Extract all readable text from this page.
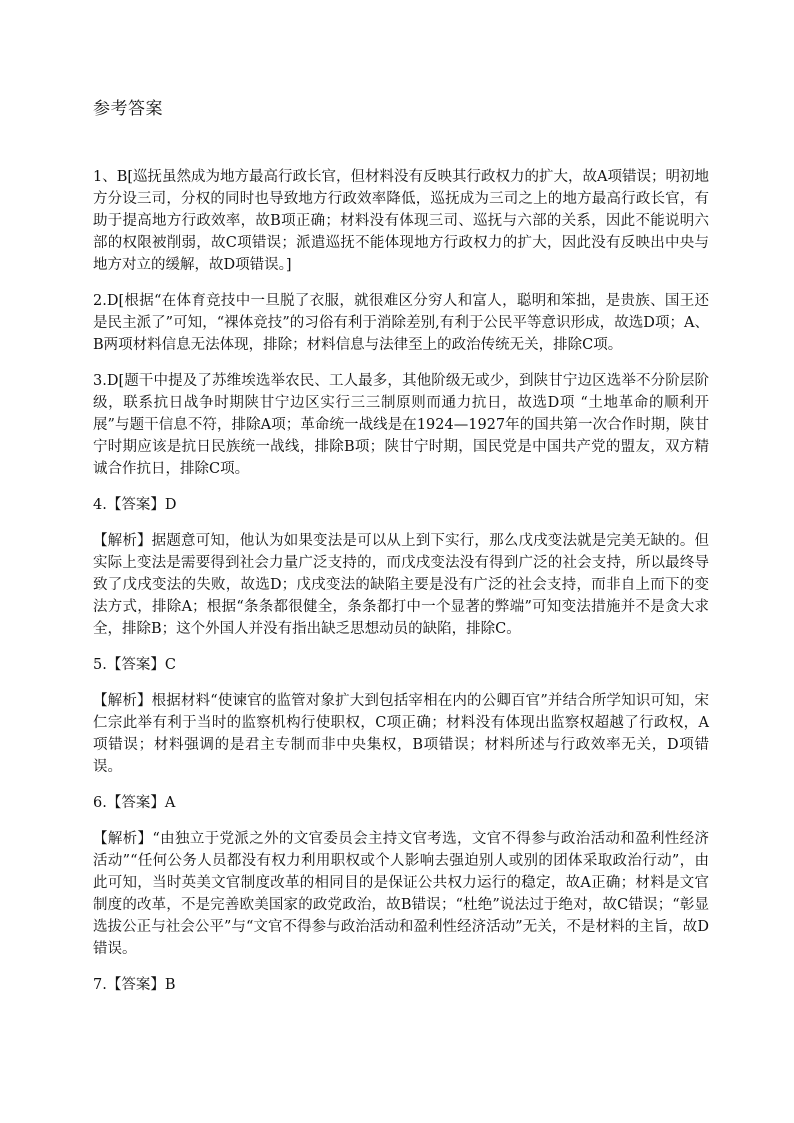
参考答案

1、B[巡抚虽然成为地方最高行政长官，但材料没有反映其行政权力的扩大，故A项错误；明初地方分设三司，分权的同时也导致地方行政效率降低，巡抚成为三司之上的地方最高行政长官，有助于提高地方行政效率，故B项正确；材料没有体现三司、巡抚与六部的关系，因此不能说明六部的权限被削弱，故C项错误；派遣巡抚不能体现地方行政权力的扩大，因此没有反映出中央与地方对立的缓解，故D项错误。]

2.D[根据“在体育竞技中一旦脱了衣服，就很难区分穷人和富人，聪明和笨拙，是贵族、国王还是民主派了”可知，“裸体竞技”的习俗有利于消除差别,有利于公民平等意识形成，故选D项；A、B两项材料信息无法体现，排除；材料信息与法律至上的政治传统无关，排除C项。

3.D[题干中提及了苏维埃选举农民、工人最多，其他阶级无或少，到陕甘宁边区选举不分阶层阶级，联系抗日战争时期陕甘宁边区实行三三制原则而通力抗日，故选D项 “土地革命的顺利开展”与题干信息不符，排除A项；革命统一战线是在1924—1927年的国共第一次合作时期，陕甘宁时期应该是抗日民族统一战线，排除B项；陕甘宁时期，国民党是中国共产党的盟友，双方精诚合作抗日，排除C项。

4.【答案】D

【解析】据题意可知，他认为如果变法是可以从上到下实行，那么戊戌变法就是完美无缺的。但实际上变法是需要得到社会力量广泛支持的，而戊戌变法没有得到广泛的社会支持，所以最终导致了戊戌变法的失败，故选D；戊戌变法的缺陷主要是没有广泛的社会支持，而非自上而下的变法方式，排除A；根据“条条都很健全，条条都打中一个显著的弊端”可知变法措施并不是贪大求全，排除B；这个外国人并没有指出缺乏思想动员的缺陷，排除C。

5.【答案】C

【解析】根据材料“使谏官的监管对象扩大到包括宰相在内的公卿百官”并结合所学知识可知，宋仁宗此举有利于当时的监察机构行使职权，C项正确；材料没有体现出监察权超越了行政权，A项错误；材料强调的是君主专制而非中央集权，B项错误；材料所述与行政效率无关，D项错误。

6.【答案】A

【解析】“由独立于党派之外的文官委员会主持文官考选，文官不得参与政治活动和盈利性经济活动”“任何公务人员都没有权力利用职权或个人影响去强迫别人或别的团体采取政治行动”，由此可知，当时英美文官制度改革的相同目的是保证公共权力运行的稳定，故A正确；材料是文官制度的改革，不是完善欧美国家的政党政治，故B错误；“杜绝”说法过于绝对，故C错误；“彰显选拔公正与社会公平”与“文官不得参与政治活动和盈利性经济活动”无关，不是材料的主旨，故D错误。

7.【答案】B
